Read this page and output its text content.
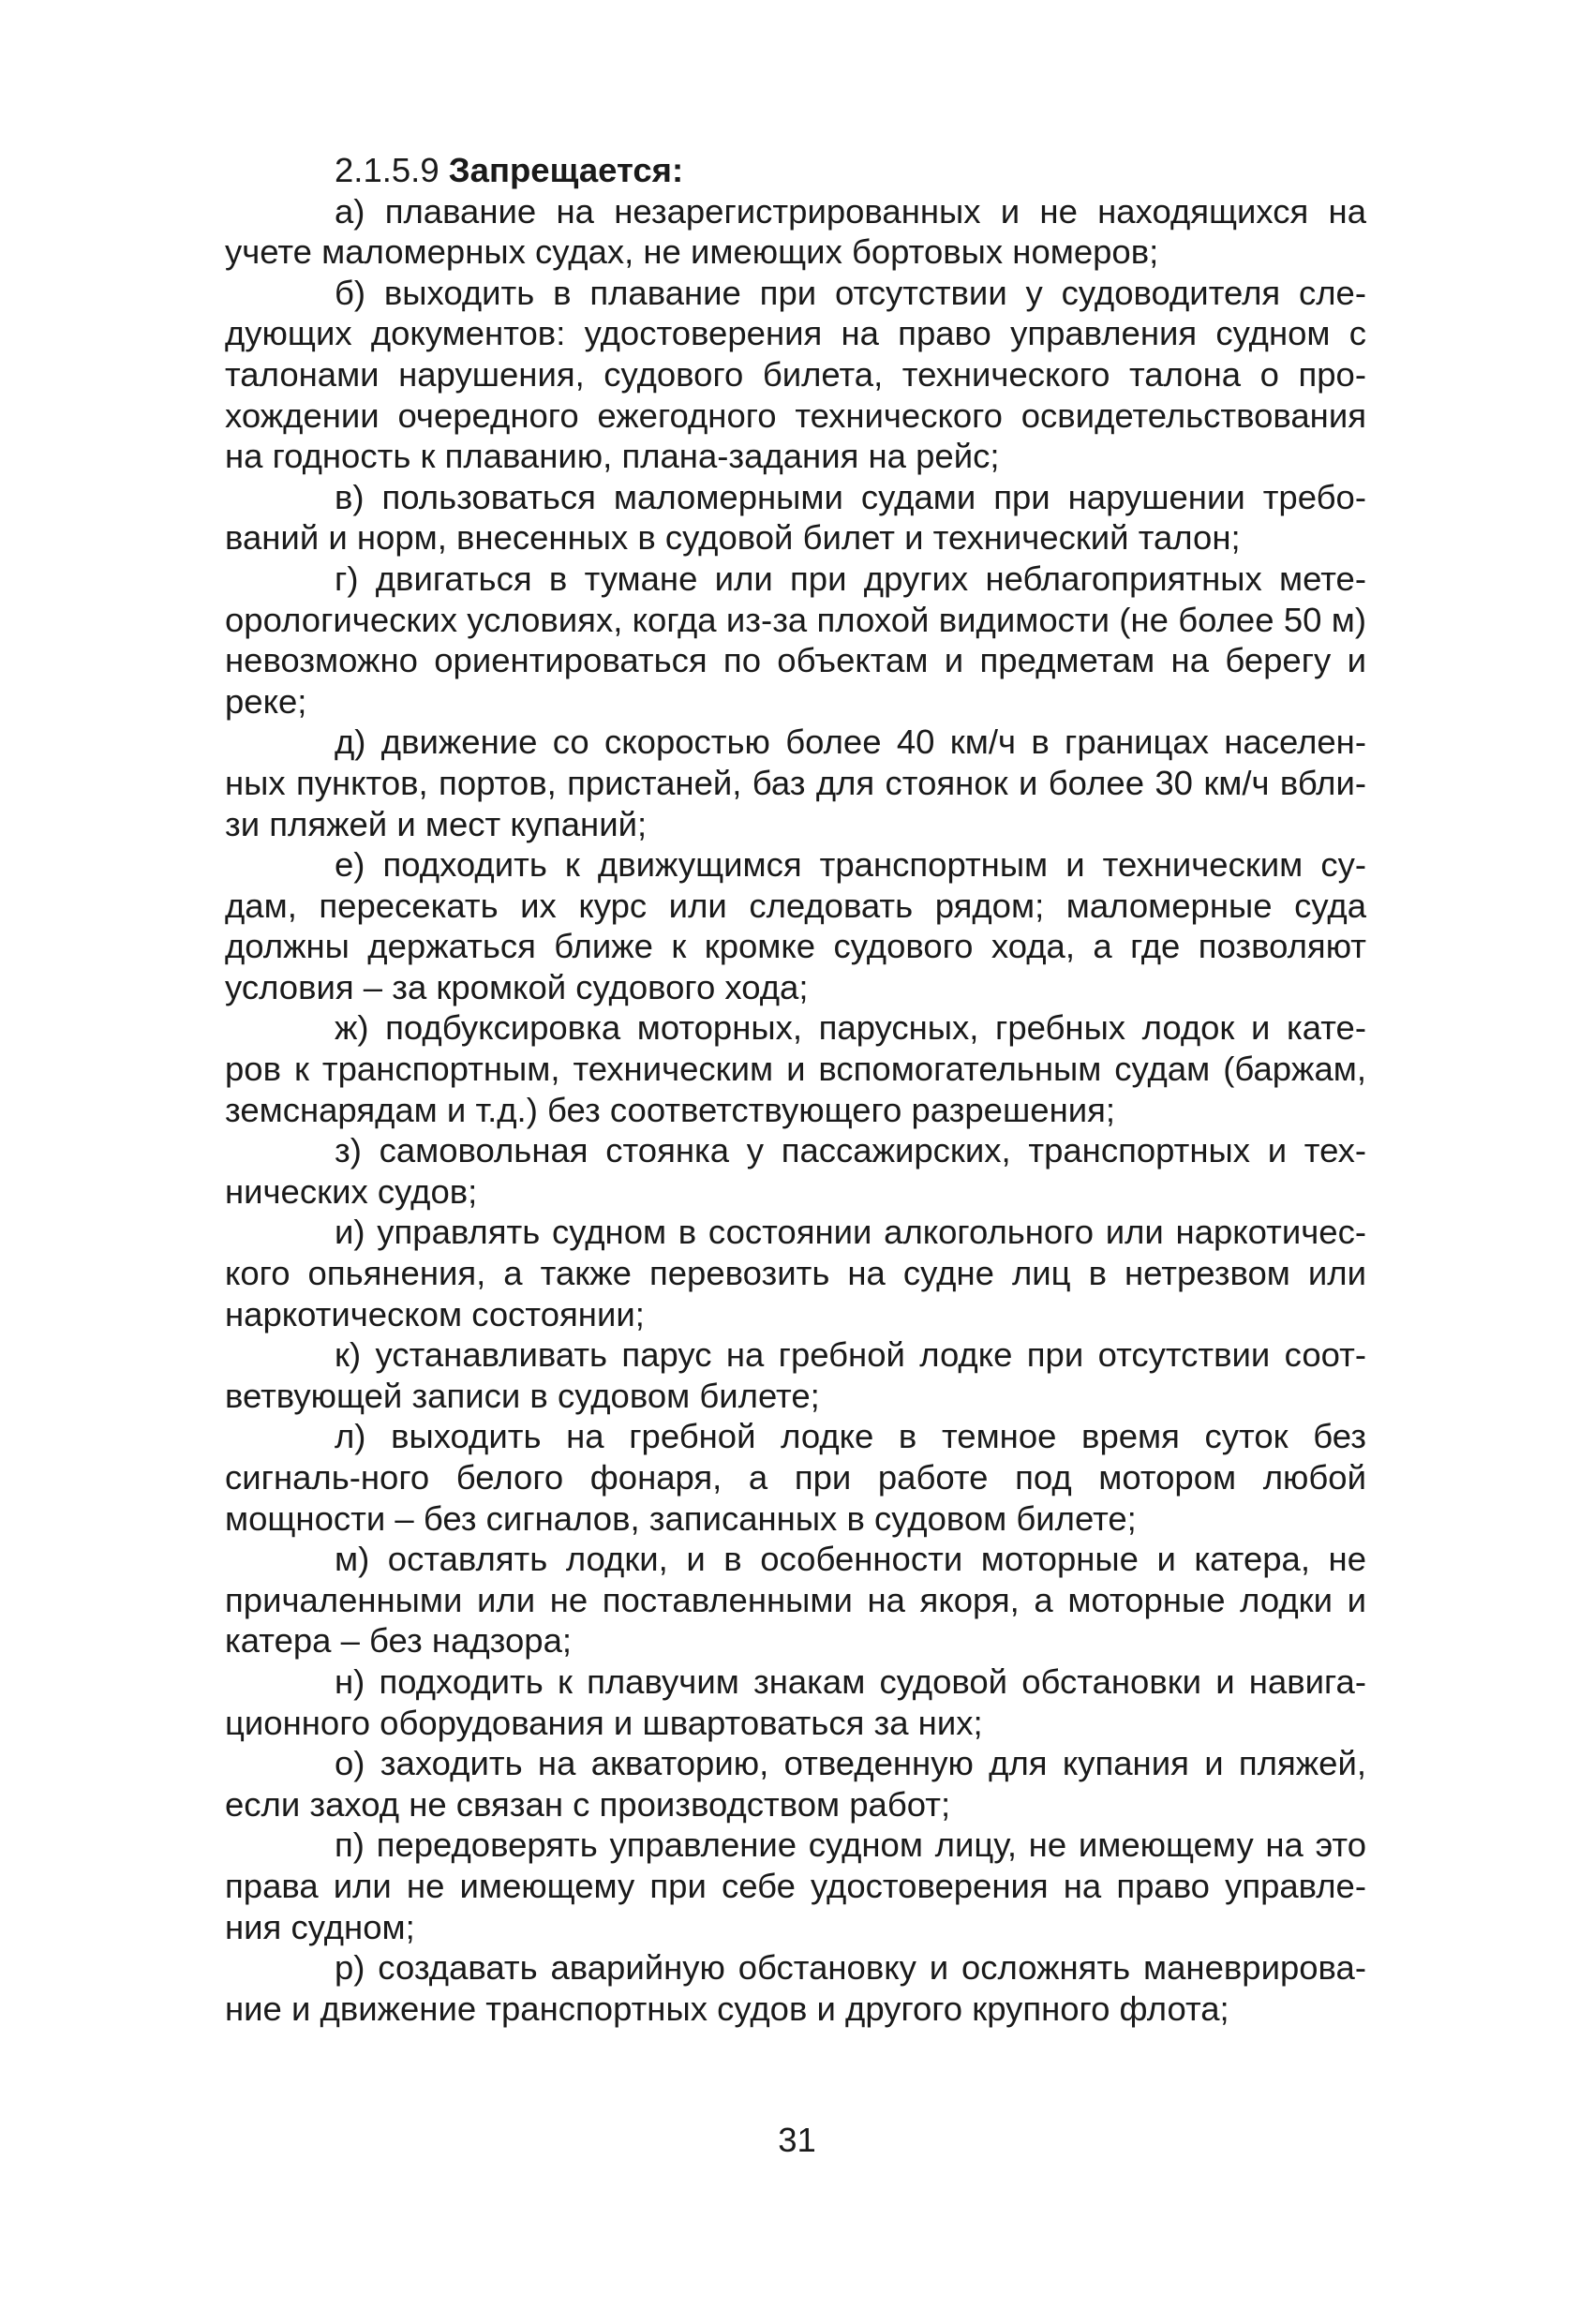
2.1.5.9 Запрещается:

а) плавание на незарегистрированных и не находящихся на учете маломерных судах, не имеющих бортовых номеров;

б) выходить в плавание при отсутствии у судоводителя сле-дующих документов: удостоверения на право управления судном с талонами нарушения, судового билета, технического талона о про-хождении очередного ежегодного технического освидетельствования на годность к плаванию, плана-задания на рейс;

в) пользоваться маломерными судами при нарушении требо-ваний и норм, внесенных в судовой билет и технический талон;

г) двигаться в тумане или при других неблагоприятных мете-орологических условиях, когда из-за плохой видимости (не более 50 м) невозможно ориентироваться по объектам и предметам на берегу и реке;

д) движение со скоростью более 40 км/ч в границах населен-ных пунктов, портов, пристаней, баз для стоянок и более 30 км/ч вбли-зи пляжей и мест купаний;

е) подходить к движущимся транспортным и техническим су-дам, пересекать их курс или следовать рядом; маломерные суда должны держаться ближе к кромке судового хода, а где позволяют условия – за кромкой судового хода;

ж) подбуксировка моторных, парусных, гребных лодок и кате-ров к транспортным, техническим и вспомогательным судам (баржам, земснарядам и т.д.) без соответствующего разрешения;

з) самовольная стоянка у пассажирских, транспортных и тех-нических судов;

и) управлять судном в состоянии алкогольного или наркотичес-кого опьянения, а также перевозить на судне лиц в нетрезвом или наркотическом состоянии;

к) устанавливать парус на гребной лодке при отсутствии соот-ветвующей записи в судовом билете;

л) выходить на гребной лодке в темное время суток без сигналь-ного белого фонаря, а при работе под мотором любой мощности – без сигналов, записанных в судовом билете;

м) оставлять лодки, и в особенности моторные и катера, не причаленными или не поставленными на якоря, а моторные лодки и катера – без надзора;

н) подходить к плавучим знакам судовой обстановки и навига-ционного оборудования и швартоваться за них;

о) заходить на акваторию, отведенную для купания и пляжей, если заход не связан с производством работ;

п) передоверять управление судном лицу, не имеющему на это права или не имеющему при себе удостоверения на право управле-ния судном;

р) создавать аварийную обстановку и осложнять маневрирова-ние и движение транспортных судов и другого крупного флота;

31
